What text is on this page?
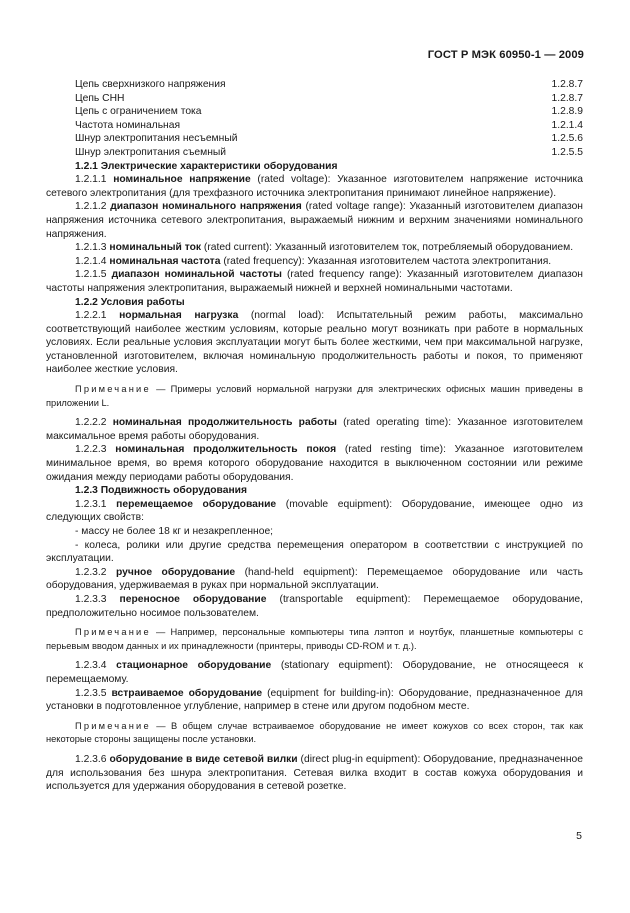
ГОСТ Р МЭК 60950-1 — 2009
Цепь сверхнизкого напряжения	1.2.8.7
Цепь СНН	1.2.8.7
Цепь с ограничением тока	1.2.8.9
Частота номинальная	1.2.1.4
Шнур электропитания несъемный	1.2.5.6
Шнур электропитания съемный	1.2.5.5

1.2.1 Электрические характеристики оборудования

1.2.1.1 номинальное напряжение (rated voltage): Указанное изготовителем напряжение источника сетевого электропитания (для трехфазного источника электропитания принимают линейное напряжение).

1.2.1.2 диапазон номинального напряжения (rated voltage range): Указанный изготовителем диапазон напряжения источника сетевого электропитания, выражаемый нижним и верхним значениями номинального напряжения.

1.2.1.3 номинальный ток (rated current): Указанный изготовителем ток, потребляемый оборудованием.

1.2.1.4 номинальная частота (rated frequency): Указанная изготовителем частота электропитания.

1.2.1.5 диапазон номинальной частоты (rated frequency range): Указанный изготовителем диапазон частоты напряжения электропитания, выражаемый нижней и верхней номинальными частотами.

1.2.2 Условия работы

1.2.2.1 нормальная нагрузка (normal load): Испытательный режим работы, максимально соответствующий наиболее жестким условиям, которые реально могут возникать при работе в нормальных условиях. Если реальные условия эксплуатации могут быть более жесткими, чем при максимальной нагрузке, установленной изготовителем, включая номинальную продолжительность работы и покоя, то применяют наиболее жесткие условия.

Примечание — Примеры условий нормальной нагрузки для электрических офисных машин приведены в приложении L.

1.2.2.2 номинальная продолжительность работы (rated operating time): Указанное изготовителем максимальное время работы оборудования.

1.2.2.3 номинальная продолжительность покоя (rated resting time): Указанное изготовителем минимальное время, во время которого оборудование находится в выключенном состоянии или режиме ожидания между периодами работы оборудования.

1.2.3 Подвижность оборудования

1.2.3.1 перемещаемое оборудование (movable equipment): Оборудование, имеющее одно из следующих свойств:

- массу не более 18 кг и незакрепленное;

- колеса, ролики или другие средства перемещения оператором в соответствии с инструкцией по эксплуатации.

1.2.3.2 ручное оборудование (hand-held equipment): Перемещаемое оборудование или часть оборудования, удерживаемая в руках при нормальной эксплуатации.

1.2.3.3 переносное оборудование (transportable equipment): Перемещаемое оборудование, предположительно носимое пользователем.

Примечание — Например, персональные компьютеры типа лэптоп и ноутбук, планшетные компьютеры с перьевым вводом данных и их принадлежности (принтеры, приводы CD-ROM и т. д.).

1.2.3.4 стационарное оборудование (stationary equipment): Оборудование, не относящееся к перемещаемому.

1.2.3.5 встраиваемое оборудование (equipment for building-in): Оборудование, предназначенное для установки в подготовленное углубление, например в стене или другом подобном месте.

Примечание — В общем случае встраиваемое оборудование не имеет кожухов со всех сторон, так как некоторые стороны защищены после установки.

1.2.3.6 оборудование в виде сетевой вилки (direct plug-in equipment): Оборудование, предназначенное для использования без шнура электропитания. Сетевая вилка входит в состав кожуха оборудования и используется для удержания оборудования в сетевой розетке.

5
